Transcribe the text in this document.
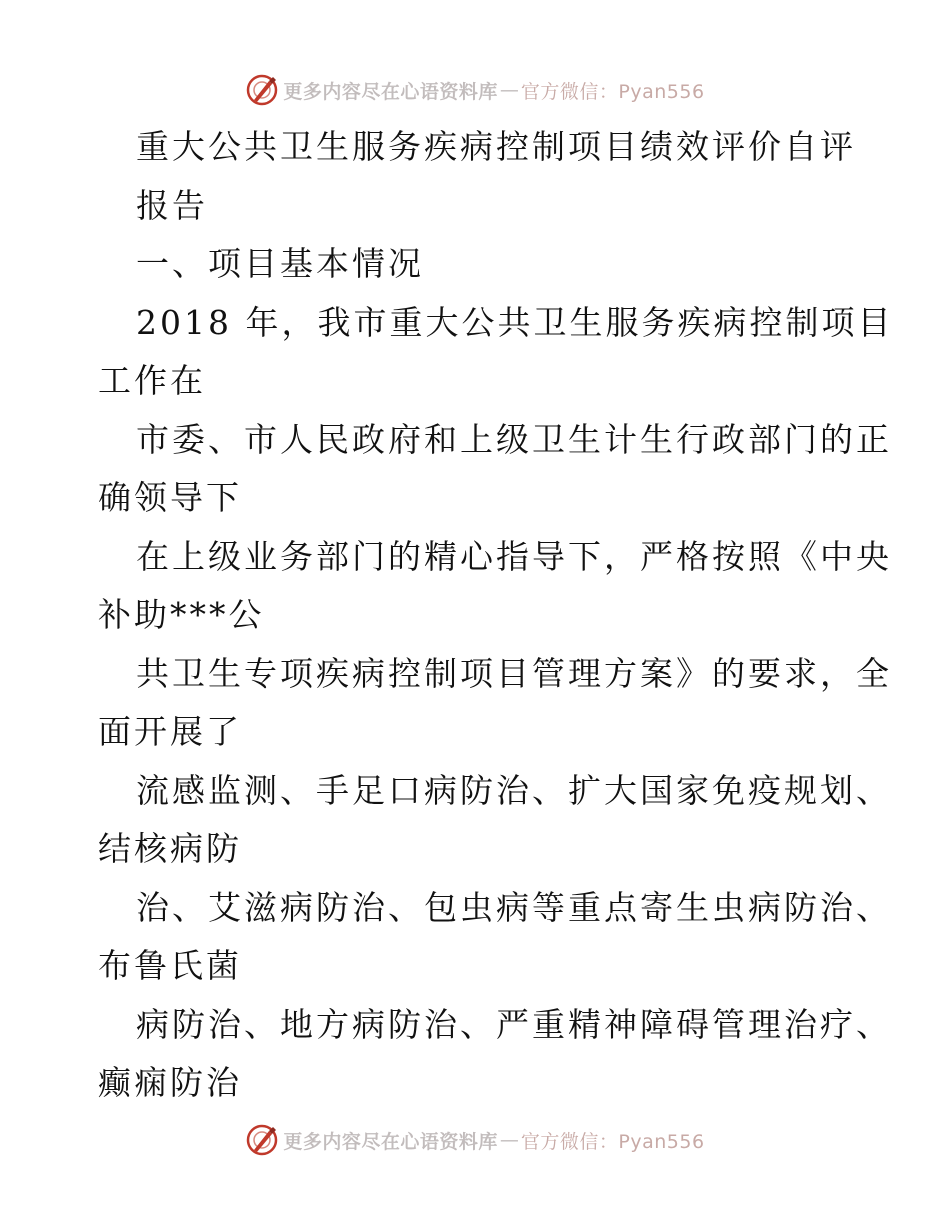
更多内容尽在心语资料库 — 官方微信：Pyan556
重大公共卫生服务疾病控制项目绩效评价自评
报告
一、项目基本情况
2018 年，我市重大公共卫生服务疾病控制项目
工作在
市委、市人民政府和上级卫生计生行政部门的正
确领导下
在上级业务部门的精心指导下，严格按照《中央
补助***公
共卫生专项疾病控制项目管理方案》的要求，全
面开展了
流感监测、手足口病防治、扩大国家免疫规划、
结核病防
治、艾滋病防治、包虫病等重点寄生虫病防治、
布鲁氏菌
病防治、地方病防治、严重精神障碍管理治疗、
癫痫防治
更多内容尽在心语资料库 — 官方微信：Pyan556
